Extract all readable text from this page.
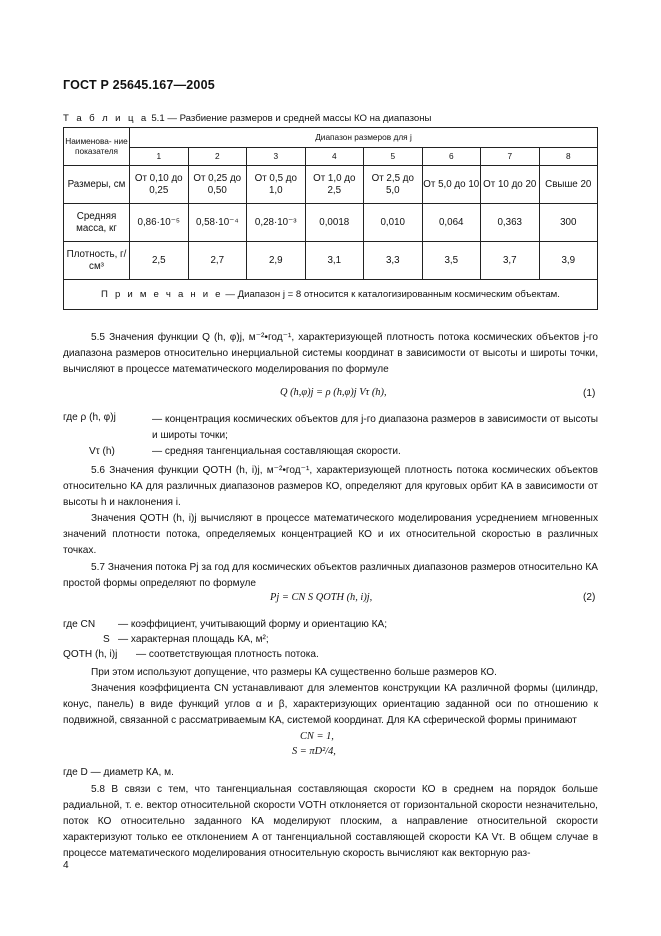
ГОСТ Р 25645.167—2005
Т а б л и ц а 5.1 — Разбиение размеров и средней массы КО на диапазоны
Наименова- ние показателя	Диапазон размеров для j							
	1	2	3	4	5	6	7	8
Размеры, см	От 0,10 до 0,25	От 0,25 до 0,50	От 0,5 до 1,0	От 1,0 до 2,5	От 2,5 до 5,0	От 5,0 до 10	От 10 до 20	Свыше 20
Средняя масса, кг	0,86·10⁻⁵	0,58·10⁻⁴	0,28·10⁻³	0,0018	0,010	0,064	0,363	300
Плотность, г/см³	2,5	2,7	2,9	3,1	3,3	3,5	3,7	3,9
П р и м е ч а н и е — Диапазон j = 8 относится к каталогизированным космическим объектам.								
5.5 Значения функции Q (h, φ)j, м⁻²•год⁻¹, характеризующей плотность потока космических объектов j-го диапазона размеров относительно инерциальной системы координат в зависимости от высоты и широты точки, вычисляют в процессе математического моделирования по формуле
Q (h,φ)j = ρ (h,φ)j Vτ (h),	(1)
где ρ (h, φ)j	— концентрация космических объектов для j-го диапазона размеров в зависимости от высоты и широты точки;
Vτ (h)	— средняя тангенциальная составляющая скорости.
5.6 Значения функции QОТН (h, i)j, м⁻²•год⁻¹, характеризующей плотность потока космических объектов относительно КА для различных диапазонов размеров КО, определяют для круговых орбит КА в зависимости от высоты h и наклонения i.
Значения QОТН (h, i)j вычисляют в процессе математического моделирования усреднением мгновенных значений плотности потока, определяемых концентрацией КО и их относительной скоростью в различных точках.
5.7 Значения потока Pj за год для космических объектов различных диапазонов размеров относительно КА простой формы определяют по формуле
Pj = CN S QОТН (h, i)j,	(2)
где CN — коэффициент, учитывающий форму и ориентацию КА;
S — характерная площадь КА, м²;
QОТН (h, i)j — соответствующая плотность потока.
При этом используют допущение, что размеры КА существенно больше размеров КО.
Значения коэффициента CN устанавливают для элементов конструкции КА различной формы (цилиндр, конус, панель) в виде функций углов α и β, характеризующих ориентацию заданной оси по отношению к подвижной, связанной с рассматриваемым КА, системой координат. Для КА сферической формы принимают
CN = 1,
S = πD²/4,
где D — диаметр КА, м.
5.8 В связи с тем, что тангенциальная составляющая скорости КО в среднем на порядок больше радиальной, т. е. вектор относительной скорости VОТН отклоняется от горизонтальной скорости незначительно, поток КО относительно заданного КА моделируют плоским, а направление относительной скорости характеризуют только ее отклонением A от тангенциальной составляющей скорости KA Vτ. В общем случае в процессе математического моделирования относительную скорость вычисляют как векторную раз-
4
